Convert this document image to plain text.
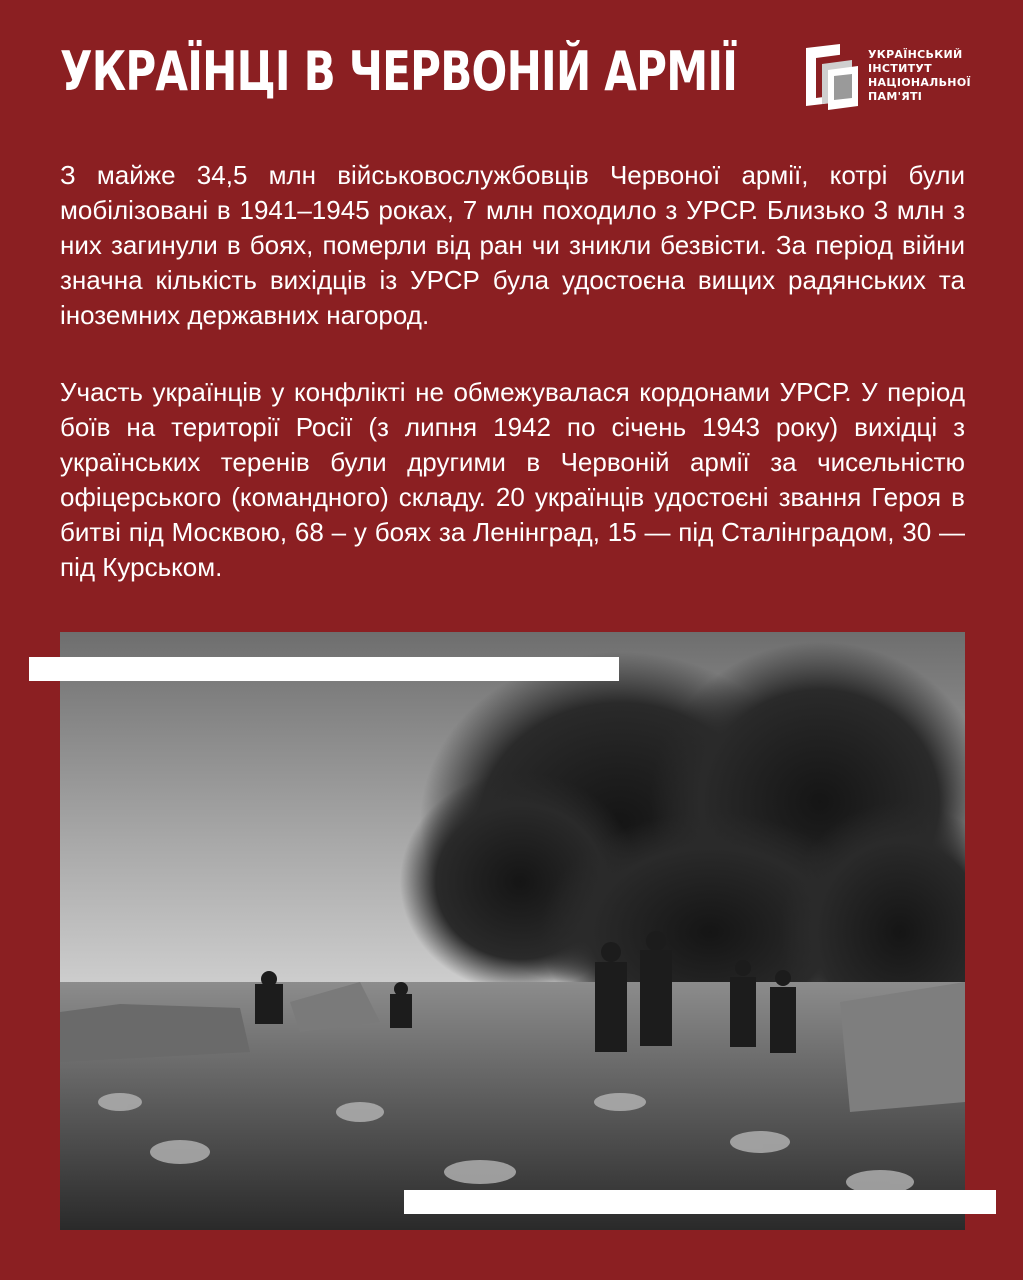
УКРАЇНЦІ В ЧЕРВОНІЙ АРМІЇ	УКРАЇНСЬКИЙ
ІНСТИТУТ
НАЦІОНАЛЬНОЇ
ПАМ'ЯТІ

З майже 34,5 млн військовослужбовців Червоної армії, котрі були мобілізовані в 1941–1945 роках, 7 млн походило з УРСР. Близько 3 млн з них загинули в боях, померли від ран чи зникли безвісти. За період війни значна кількість вихідців із УРСР була удостоєна вищих радянських та іноземних державних нагород.

Участь українців у конфлікті не обмежувалася кордонами УРСР. У період боїв на території Росії (з липня 1942 по січень 1943 року) вихідці з українських теренів були другими в Червоній армії за чисельністю офіцерського (командного) складу. 20 українців удостоєні звання Героя в битві під Москвою, 68 – у боях за Ленінград, 15 — під Сталінградом, 30 — під Курськом.
